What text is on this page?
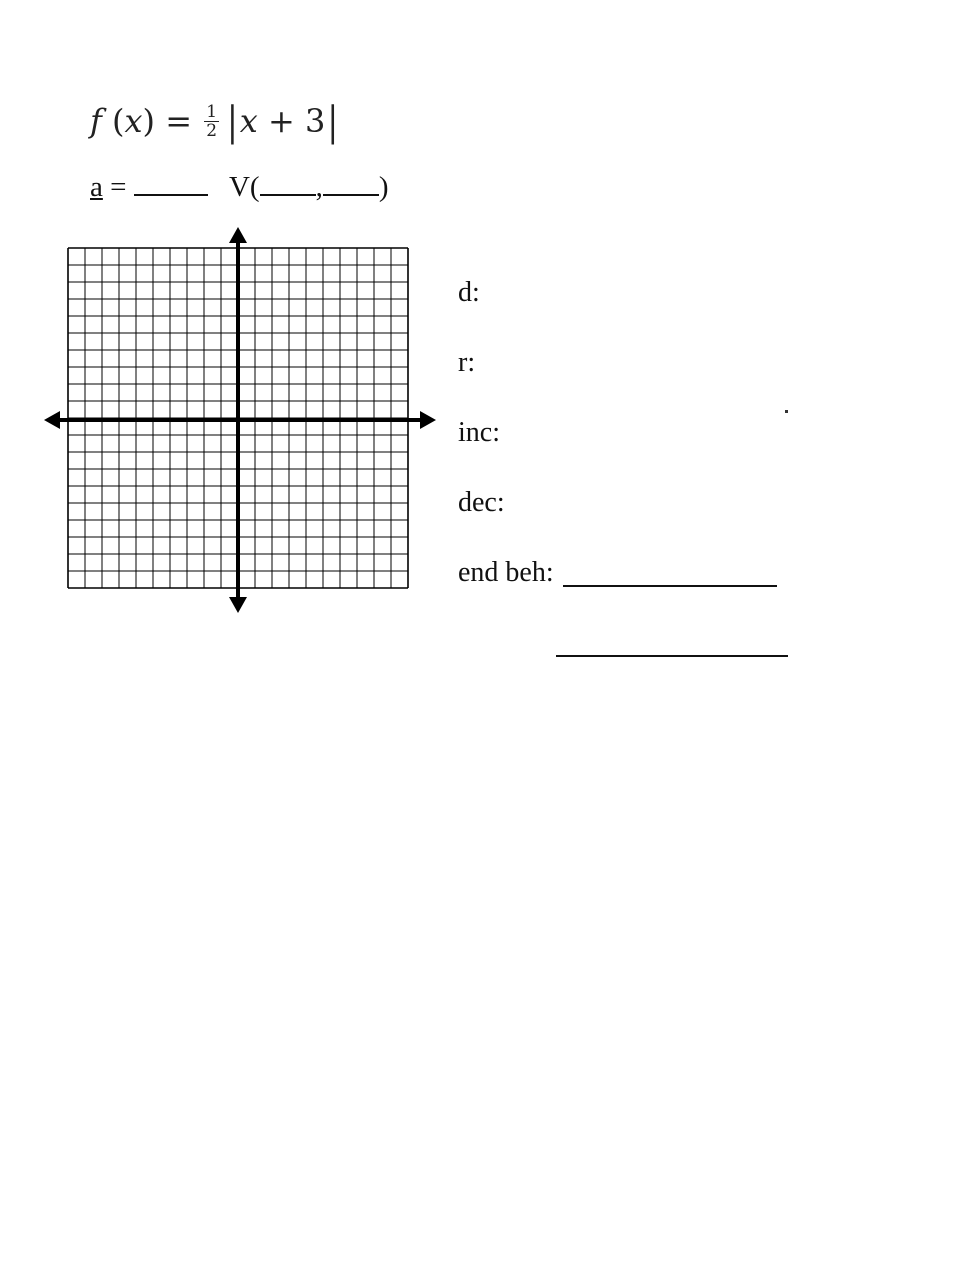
f $(x) = \frac{1}{2} |x + 3|$
a =	V( , )
d:
r:
inc:
dec:
end beh:
